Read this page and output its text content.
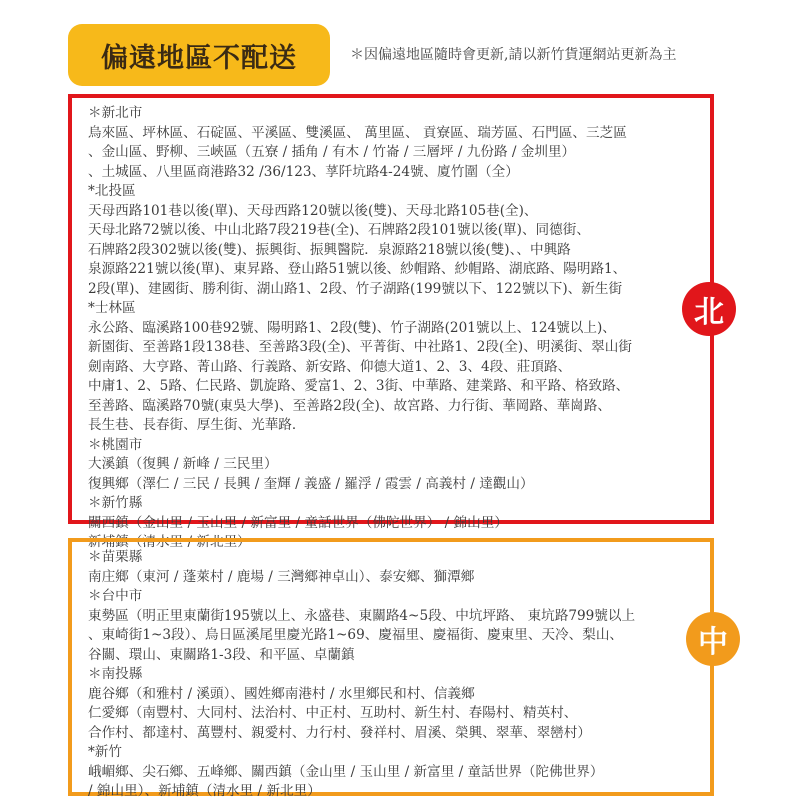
偏遠地區不配送	＊因偏遠地區隨時會更新,請以新竹貨運網站更新為主
＊新北市
烏來區、坪林區、石碇區、平溪區、雙溪區、 萬里區、 貢寮區、瑞芳區、石門區、三芝區
、金山區、野柳、三峽區（五寮 / 插角 / 有木 / 竹崙 / 三層坪 / 九份路 / 金圳里）
、土城區、八里區商港路32 /36/123、莩阡坑路4-24號、廈竹圍（全）
*北投區
天母西路101巷以後(單)、天母西路120號以後(雙)、天母北路105巷(全)、
天母北路72號以後、中山北路7段219巷(全)、石牌路2段101號以後(單)、同德街、
石牌路2段302號以後(雙)、振興街、振興醫院．泉源路218號以後(雙)、、中興路
泉源路221號以後(單)、東昇路、登山路51號以後、紗帽路、紗帽路、湖底路、陽明路1、
2段(單)、建國街、勝利街、湖山路1、2段、竹子湖路(199號以下、122號以下)、新生街
*士林區
永公路、臨溪路100巷92號、陽明路1、2段(雙)、竹子湖路(201號以上、124號以上)、
新園街、至善路1段138巷、至善路3段(全)、平菁街、中社路1、2段(全)、明溪街、翠山街
劍南路、大亨路、菁山路、行義路、新安路、仰德大道1、2、3、4段、莊頂路、
中庸1、2、5路、仁民路、凱旋路、愛富1、2、3街、中華路、建業路、和平路、格致路、
至善路、臨溪路70號(東吳大學)、至善路2段(全)、故宮路、力行街、華岡路、華崗路、
長生巷、長春街、厚生街、光華路．
＊桃園市
大溪鎮（復興 / 新峰 / 三民里）
復興鄉（澤仁 / 三民 / 長興 / 奎輝 / 義盛 / 羅浮 / 霞雲 / 高義村 / 達觀山）
＊新竹縣
關西鎮（金山里 / 玉山里 / 新富里 / 童話世界（佛陀世界） / 錦山里）
新埔鎮（清水里 / 新北里）
北
＊苗栗縣
南庄鄉（東河 / 蓬萊村 / 鹿場 / 三灣鄉神卓山）、泰安鄉、獅潭鄉
＊台中市
東勢區（明正里東蘭街195號以上、永盛巷、東關路4~5段、中坑坪路、 東坑路799號以上
、東崎街1~3段）、烏日區溪尾里慶光路1~69、慶福里、慶福街、慶東里、天冷、梨山、
谷關、環山、東關路1-3段、和平區、卓蘭鎮
＊南投縣
鹿谷鄉（和雅村 / 溪頭）、國姓鄉南港村 / 水里鄉民和村、信義鄉
仁愛鄉（南豐村、大同村、法治村、中正村、互助村、新生村、春陽村、精英村、
合作村、都達村、萬豐村、親愛村、力行村、發祥村、眉溪、榮興、翠華、翠巒村）
*新竹
峨嵋鄉、尖石鄉、五峰鄉、關西鎮（金山里 / 玉山里 / 新富里 / 童話世界（陀佛世界）
/ 錦山里）、新埔鎮（清水里 / 新北里）
中
